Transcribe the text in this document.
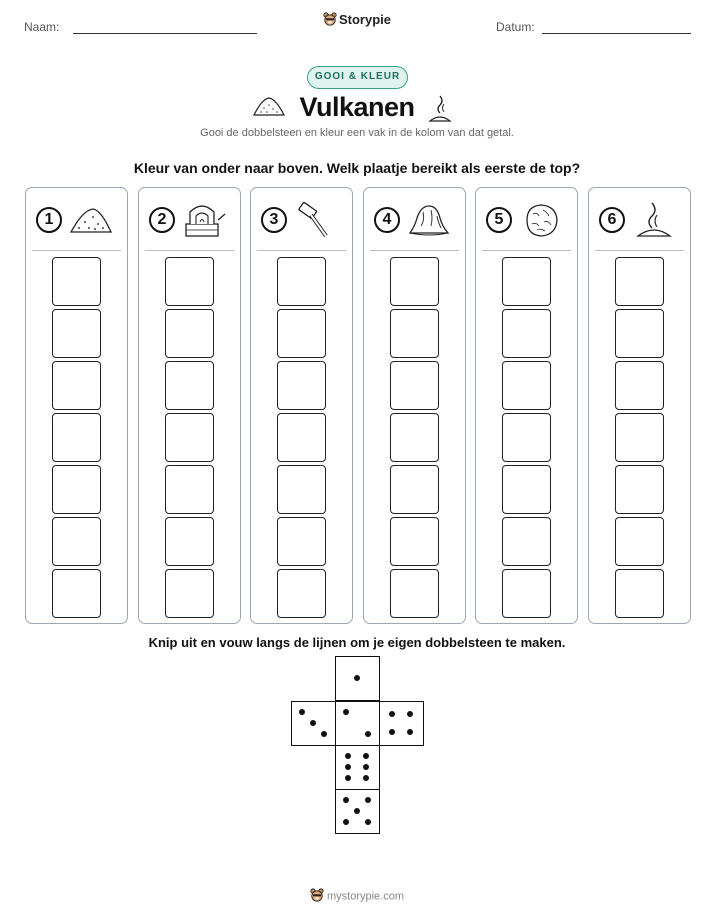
Naam:	Storypie	Datum:
GOOI & KLEUR
Vulkanen
Gooi de dobbelsteen en kleur een vak in de kolom van dat getal.
Kleur van onder naar boven. Welk plaatje bereikt als eerste de top?
1	2	3	4	5	6
Knip uit en vouw langs de lijnen om je eigen dobbelsteen te maken.
mystorypie.com
